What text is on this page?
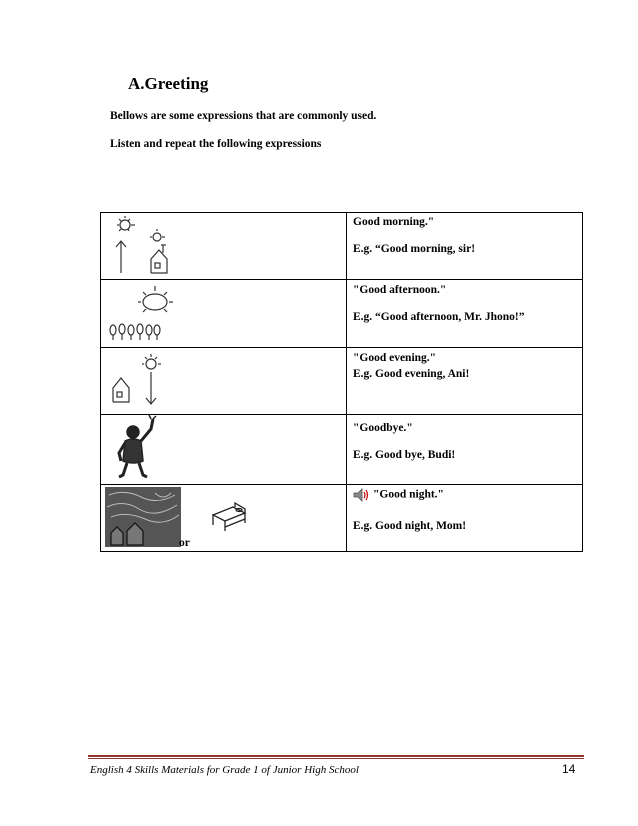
A.Greeting
Bellows are some expressions that are commonly used.
Listen and repeat the following expressions

Good morning."
E.g. “Good morning, sir!

"Good afternoon."
E.g. “Good afternoon, Mr. Jhono!”

"Good evening."
E.g. Good evening, Ani!

"Goodbye."
E.g. Good bye, Budi!

or	"Good night."
E.g. Good night, Mom!
English 4 Skills Materials for Grade 1 of Junior High School	14
